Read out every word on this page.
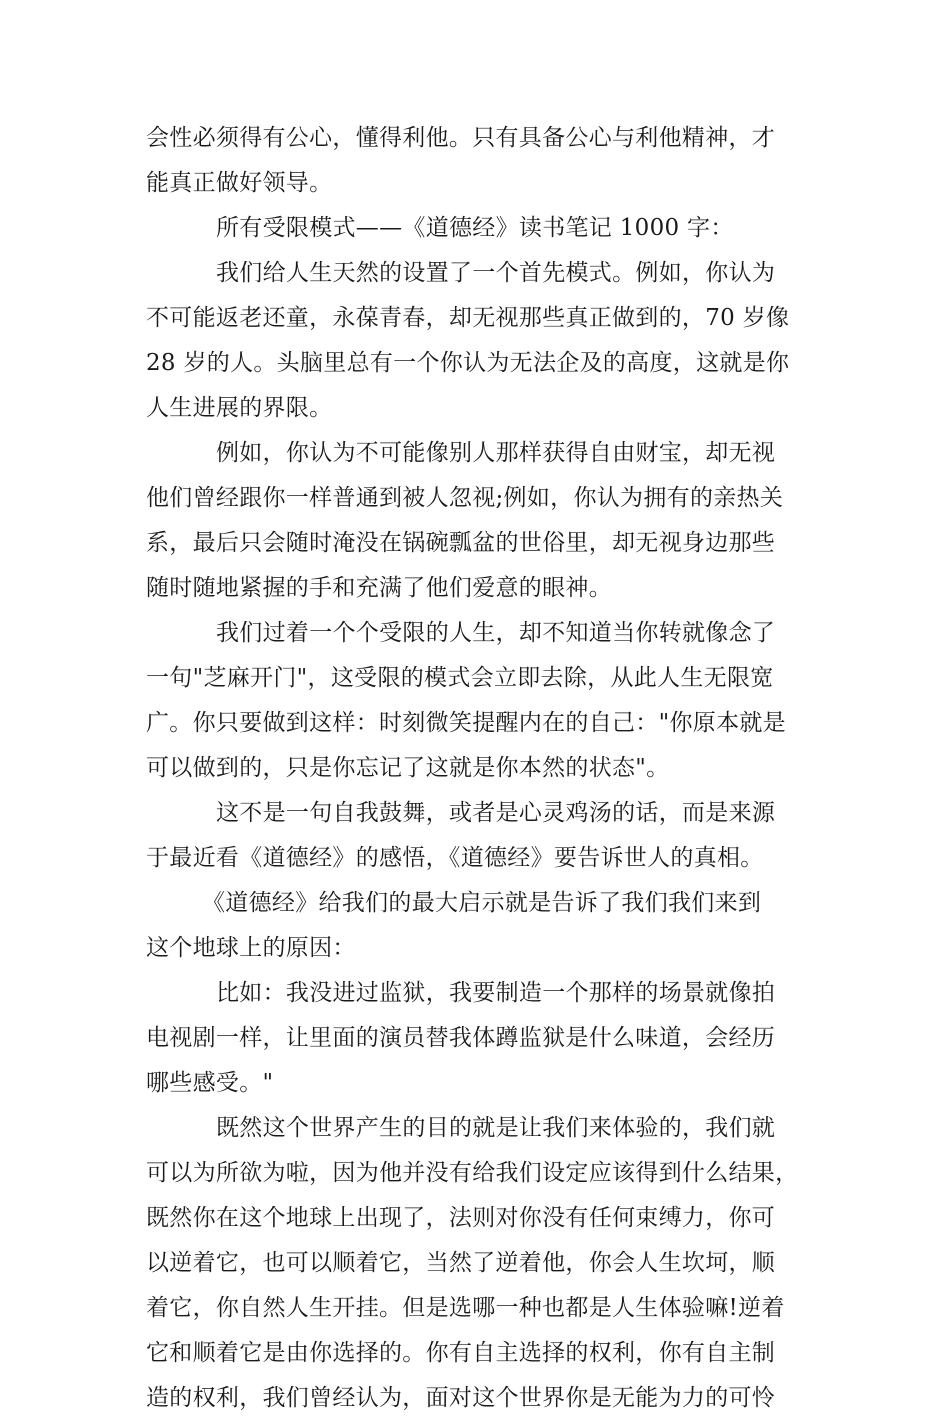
会性必须得有公心，懂得利他。只有具备公心与利他精神，才
能真正做好领导。
所有受限模式——《道德经》读书笔记 1000 字：
我们给人生天然的设置了一个首先模式。例如，你认为
不可能返老还童，永葆青春，却无视那些真正做到的，70 岁像
28 岁的人。头脑里总有一个你认为无法企及的高度，这就是你
人生进展的界限。
例如，你认为不可能像别人那样获得自由财宝，却无视
他们曾经跟你一样普通到被人忽视;例如，你认为拥有的亲热关
系，最后只会随时淹没在锅碗瓢盆的世俗里，却无视身边那些
随时随地紧握的手和充满了他们爱意的眼神。
我们过着一个个受限的人生，却不知道当你转就像念了
一句"芝麻开门"，这受限的模式会立即去除，从此人生无限宽
广。你只要做到这样：时刻微笑提醒内在的自己："你原本就是
可以做到的，只是你忘记了这就是你本然的状态"。
这不是一句自我鼓舞，或者是心灵鸡汤的话，而是来源
于最近看《道德经》的感悟，《道德经》要告诉世人的真相。
《道德经》给我们的最大启示就是告诉了我们我们来到
这个地球上的原因：
比如：我没进过监狱，我要制造一个那样的场景就像拍
电视剧一样，让里面的演员替我体蹲监狱是什么味道，会经历
哪些感受。"
既然这个世界产生的目的就是让我们来体验的，我们就
可以为所欲为啦，因为他并没有给我们设定应该得到什么结果，
既然你在这个地球上出现了，法则对你没有任何束缚力，你可
以逆着它，也可以顺着它，当然了逆着他，你会人生坎坷，顺
着它，你自然人生开挂。但是选哪一种也都是人生体验嘛!逆着
它和顺着它是由你选择的。你有自主选择的权利，你有自主制
造的权利，我们曾经认为，面对这个世界你是无能为力的可怜
